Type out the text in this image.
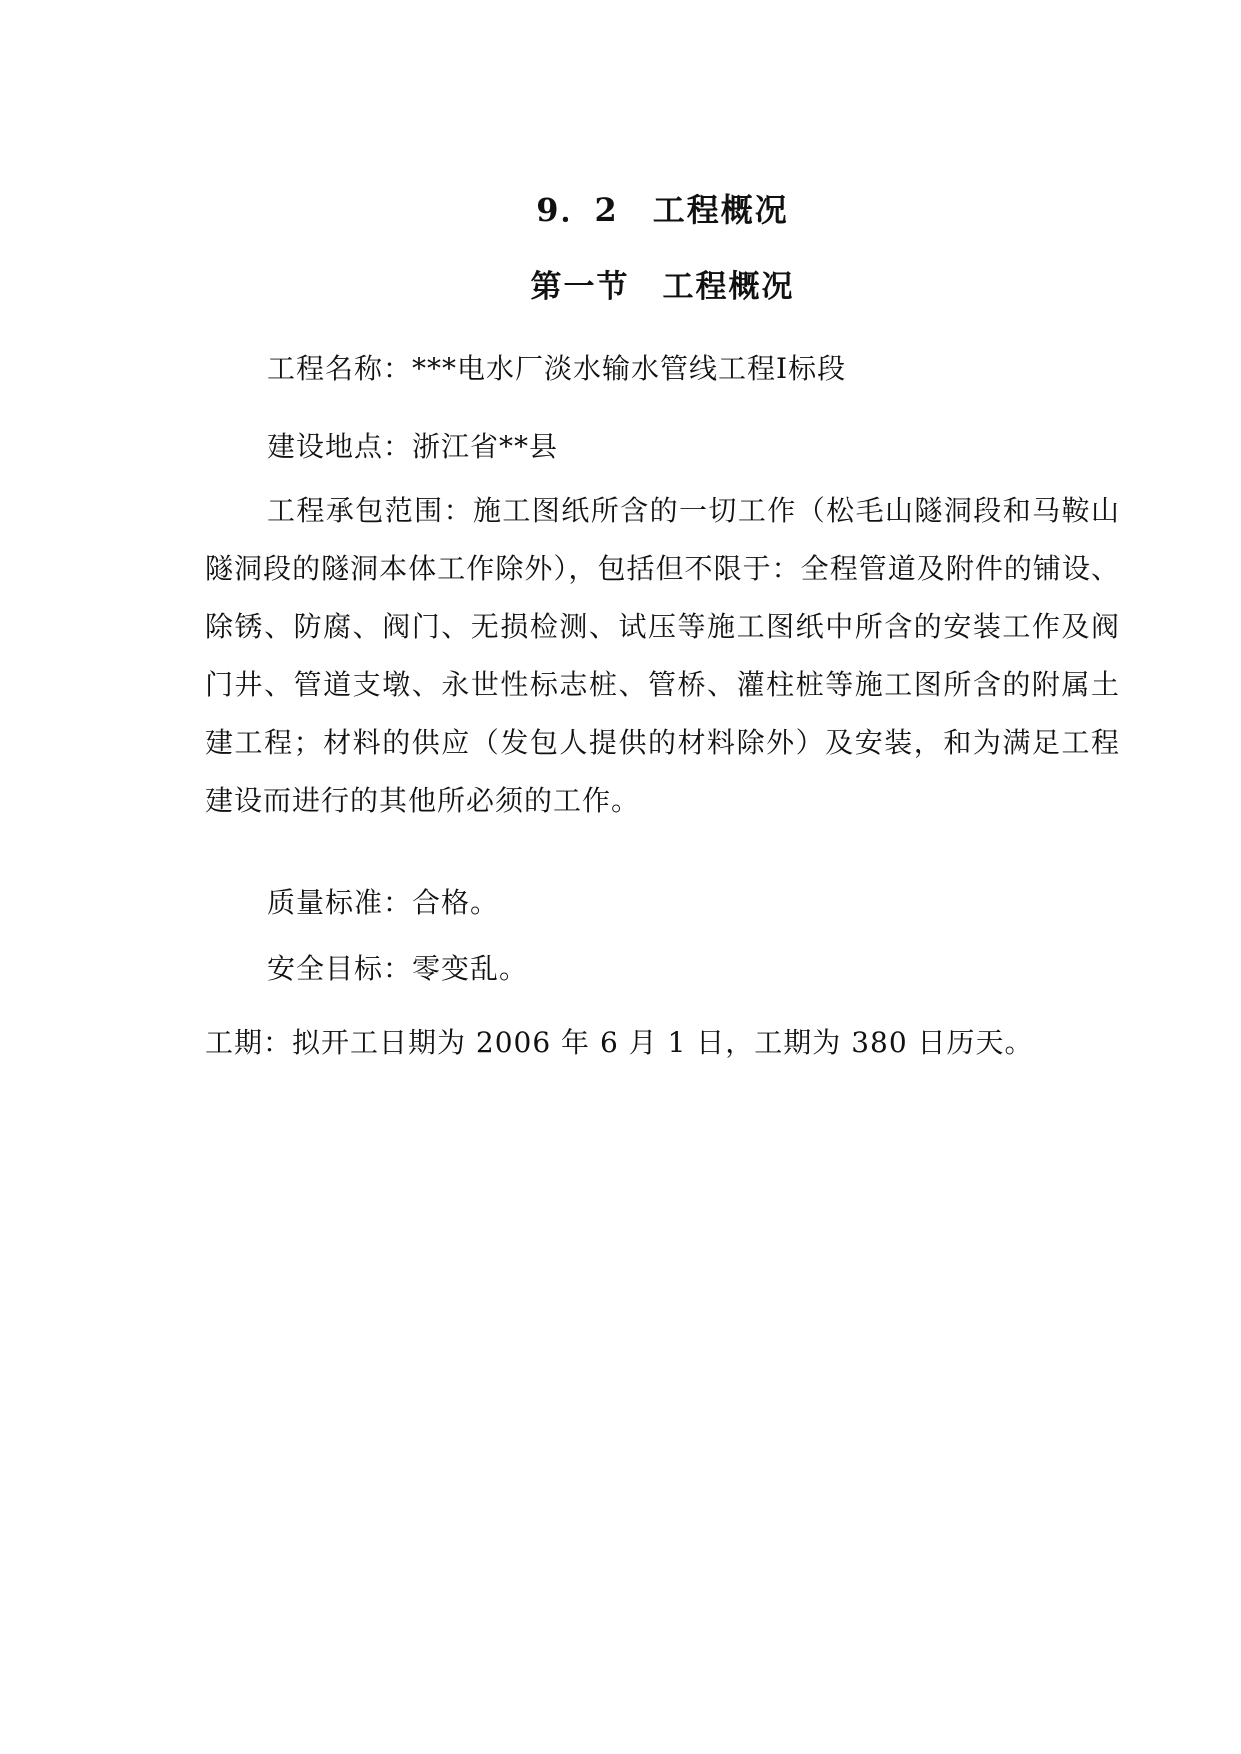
9．2　工程概况
第一节　工程概况

工程名称：***电水厂淡水输水管线工程Ⅰ标段

建设地点：浙江省**县

工程承包范围：施工图纸所含的一切工作（松毛山隧洞段和马鞍山隧洞段的隧洞本体工作除外），包括但不限于：全程管道及附件的铺设、除锈、防腐、阀门、无损检测、试压等施工图纸中所含的安装工作及阀门井、管道支墩、永世性标志桩、管桥、灌柱桩等施工图所含的附属土建工程；材料的供应（发包人提供的材料除外）及安装，和为满足工程建设而进行的其他所必须的工作。

质量标准：合格。

安全目标：零变乱。

工期：拟开工日期为 2006 年 6 月 1 日，工期为 380 日历天。
